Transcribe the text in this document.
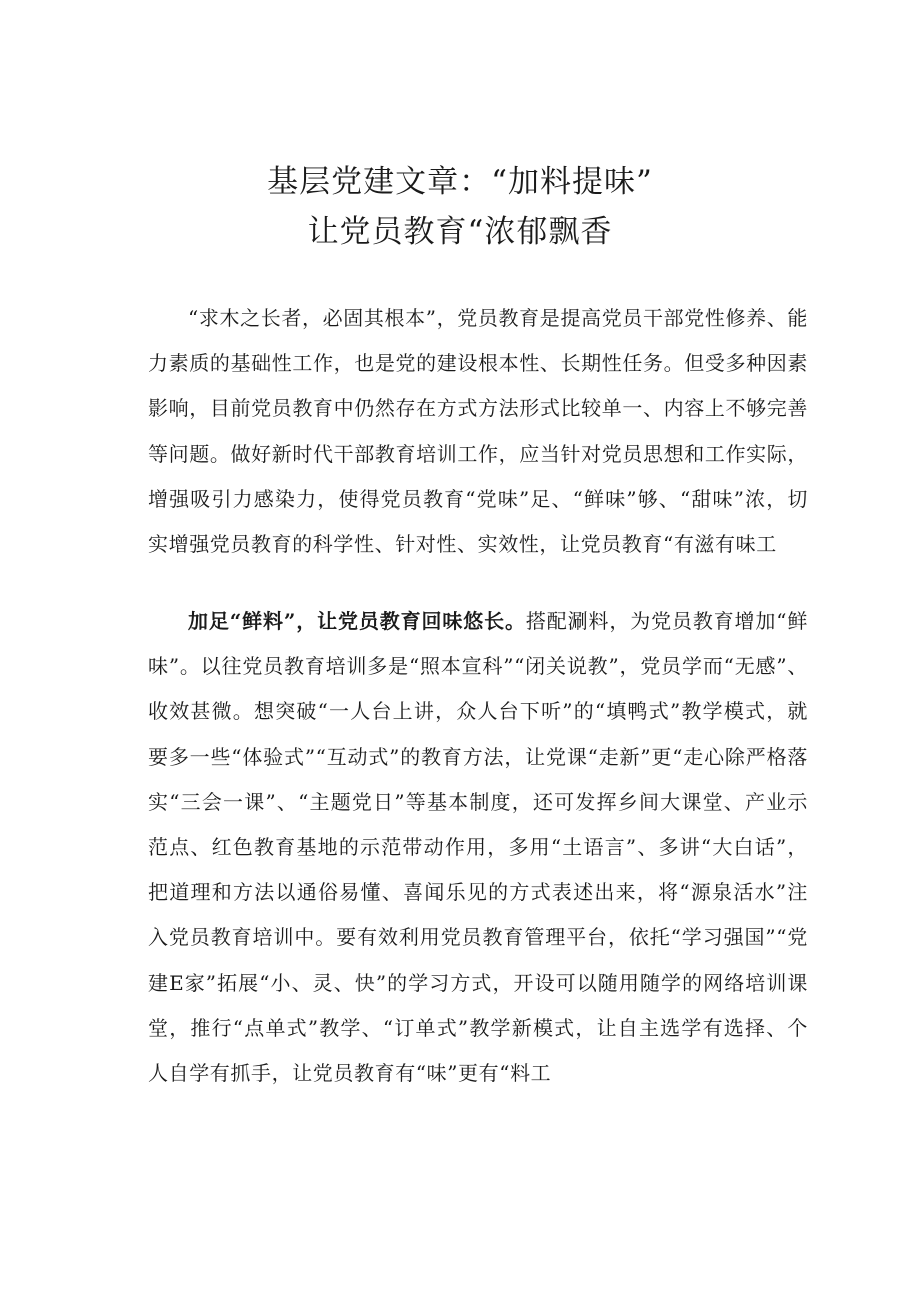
基层党建文章：“加料提味”
让党员教育“浓郁飘香

“求木之长者，必固其根本”，党员教育是提高党员干部党性修养、能力素质的基础性工作，也是党的建设根本性、长期性任务。但受多种因素影响，目前党员教育中仍然存在方式方法形式比较单一、内容上不够完善等问题。做好新时代干部教育培训工作，应当针对党员思想和工作实际，增强吸引力感染力，使得党员教育“党味”足、“鲜味”够、“甜味”浓，切实增强党员教育的科学性、针对性、实效性，让党员教育“有滋有味工

加足“鲜料”，让党员教育回味悠长。搭配涮料，为党员教育增加“鲜味”。以往党员教育培训多是“照本宣科”“闭关说教”，党员学而“无感”、收效甚微。想突破“一人台上讲，众人台下听”的“填鸭式”教学模式，就要多一些“体验式”“互动式”的教育方法，让党课“走新”更“走心除严格落实“三会一课”、“主题党日”等基本制度，还可发挥乡间大课堂、产业示范点、红色教育基地的示范带动作用，多用“土语言”、多讲“大白话”，把道理和方法以通俗易懂、喜闻乐见的方式表述出来，将“源泉活水”注入党员教育培训中。要有效利用党员教育管理平台，依托“学习强国”“党建E家”拓展“小、灵、快”的学习方式，开设可以随用随学的网络培训课堂，推行“点单式”教学、“订单式”教学新模式，让自主选学有选择、个人自学有抓手，让党员教育有“味”更有“料工
